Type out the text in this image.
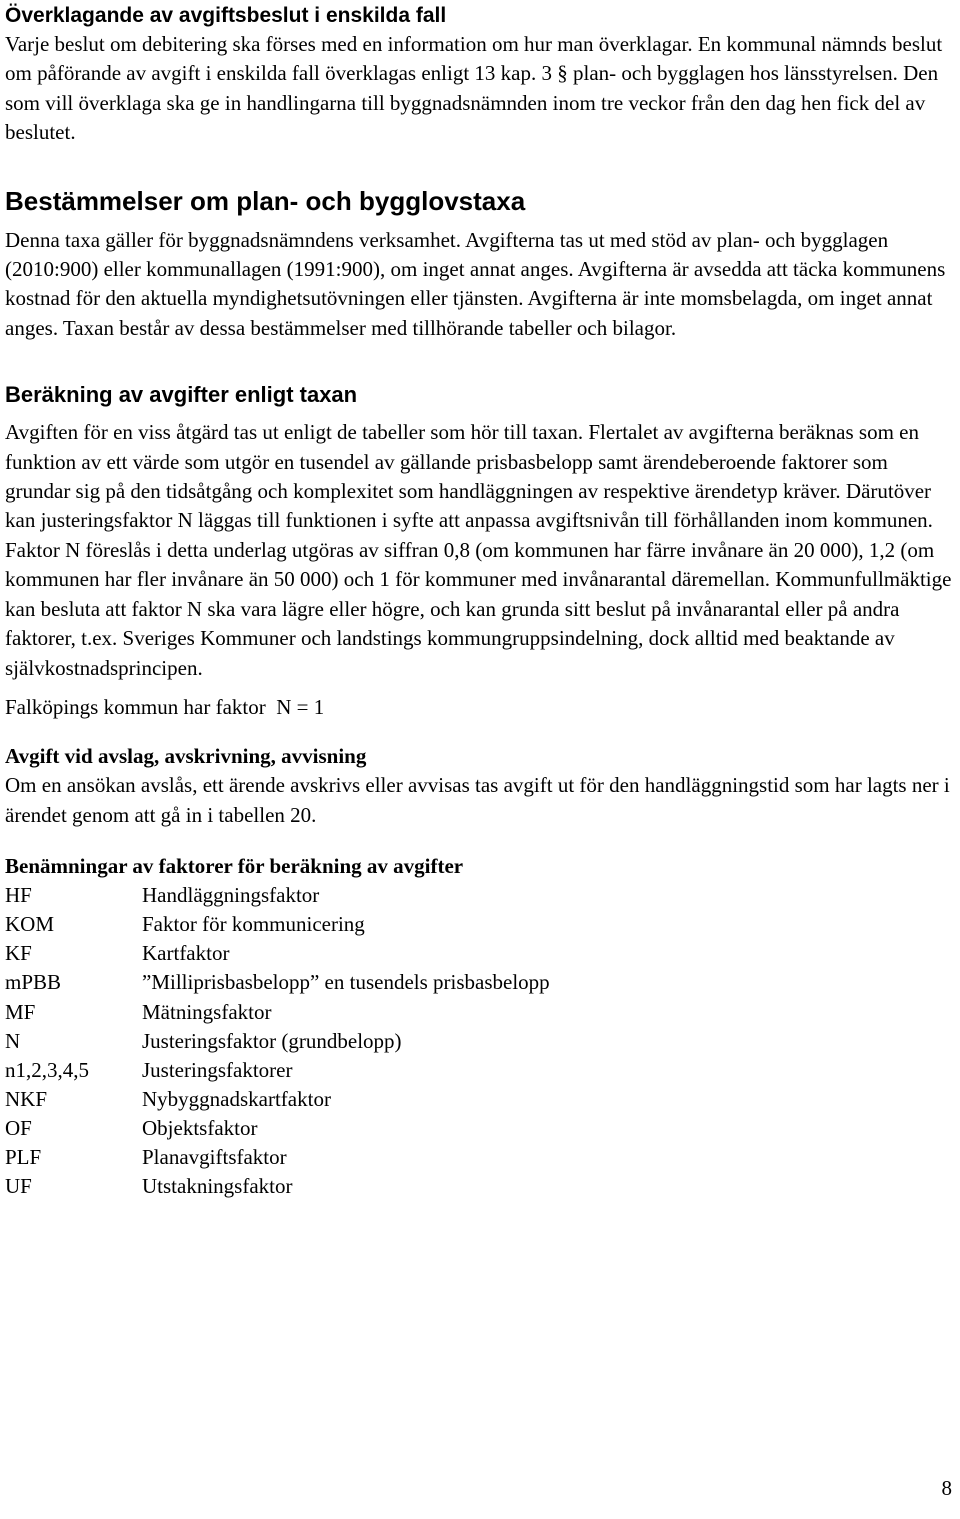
Överklagande av avgiftsbeslut i enskilda fall

Varje beslut om debitering ska förses med en information om hur man överklagar. En kommunal nämnds beslut om påförande av avgift i enskilda fall överklagas enligt 13 kap. 3 § plan- och bygglagen hos länsstyrelsen. Den som vill överklaga ska ge in handlingarna till byggnadsnämnden inom tre veckor från den dag hen fick del av beslutet.

Bestämmelser om plan- och bygglovstaxa

Denna taxa gäller för byggnadsnämndens verksamhet. Avgifterna tas ut med stöd av plan- och bygglagen (2010:900) eller kommunallagen (1991:900), om inget annat anges. Avgifterna är avsedda att täcka kommunens kostnad för den aktuella myndighetsutövningen eller tjänsten. Avgifterna är inte momsbelagda, om inget annat anges. Taxan består av dessa bestämmelser med tillhörande tabeller och bilagor.

Beräkning av avgifter enligt taxan

Avgiften för en viss åtgärd tas ut enligt de tabeller som hör till taxan. Flertalet av avgifterna beräknas som en funktion av ett värde som utgör en tusendel av gällande prisbasbelopp samt ärendeberoende faktorer som grundar sig på den tidsåtgång och komplexitet som handläggningen av respektive ärendetyp kräver. Därutöver kan justeringsfaktor N läggas till funktionen i syfte att anpassa avgiftsnivån till förhållanden inom kommunen. Faktor N föreslås i detta underlag utgöras av siffran 0,8 (om kommunen har färre invånare än 20 000), 1,2 (om kommunen har fler invånare än 50 000) och 1 för kommuner med invånarantal däremellan. Kommunfullmäktige kan besluta att faktor N ska vara lägre eller högre, och kan grunda sitt beslut på invånarantal eller på andra faktorer, t.ex. Sveriges Kommuner och landstings kommungruppsindelning, dock alltid med beaktande av självkostnadsprincipen.

Falköpings kommun har faktor  N = 1

Avgift vid avslag, avskrivning, avvisning

Om en ansökan avslås, ett ärende avskrivs eller avvisas tas avgift ut för den handläggningstid som har lagts ner i ärendet genom att gå in i tabellen 20.

Benämningar av faktorer för beräkning av avgifter
HF	Handläggningsfaktor
KOM	Faktor för kommunicering
KF	Kartfaktor
mPBB	”Milliprisbasbelopp” en tusendels prisbasbelopp
MF	Mätningsfaktor
N	Justeringsfaktor (grundbelopp)
n1,2,3,4,5	Justeringsfaktorer
NKF	Nybyggnadskartfaktor
OF	Objektsfaktor
PLF	Planavgiftsfaktor
UF	Utstakningsfaktor
8
